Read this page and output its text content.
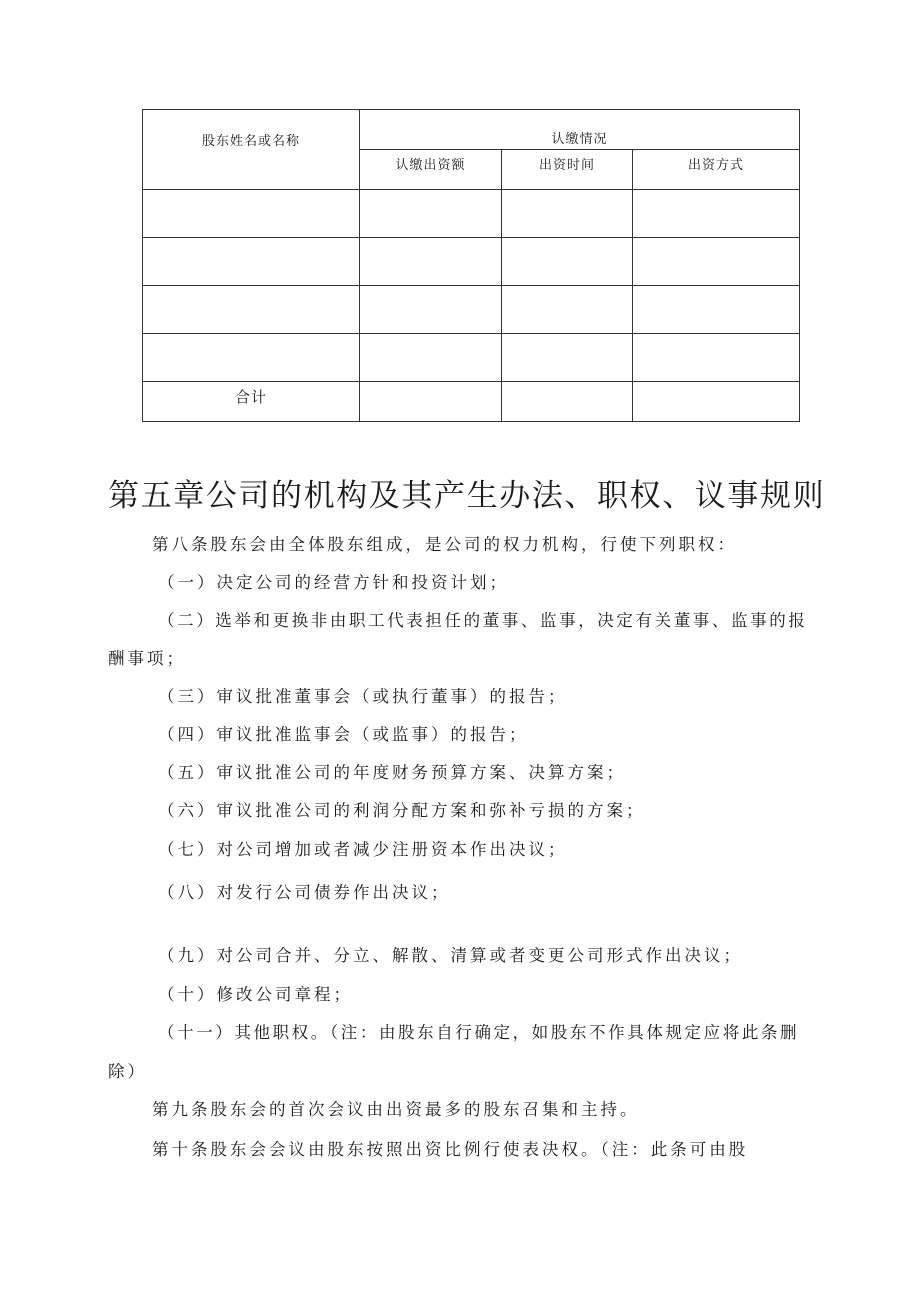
股东姓名或名称	认缴情况		
	认缴出资额	出资时间	出资方式

合计			
第五章公司的机构及其产生办法、职权、议事规则

第八条股东会由全体股东组成，是公司的权力机构，行使下列职权：

（一）决定公司的经营方针和投资计划；

（二）选举和更换非由职工代表担任的董事、监事，决定有关董事、监事的报

酬事项；

（三）审议批准董事会（或执行董事）的报告；

（四）审议批准监事会（或监事）的报告；

（五）审议批准公司的年度财务预算方案、决算方案；

（六）审议批准公司的利润分配方案和弥补亏损的方案；

（七）对公司增加或者减少注册资本作出决议；

（八）对发行公司债券作出决议；

（九）对公司合并、分立、解散、清算或者变更公司形式作出决议；

（十）修改公司章程；

（十一）其他职权。（注：由股东自行确定，如股东不作具体规定应将此条删

除）

第九条股东会的首次会议由出资最多的股东召集和主持。

第十条股东会会议由股东按照出资比例行使表决权。（注：此条可由股
